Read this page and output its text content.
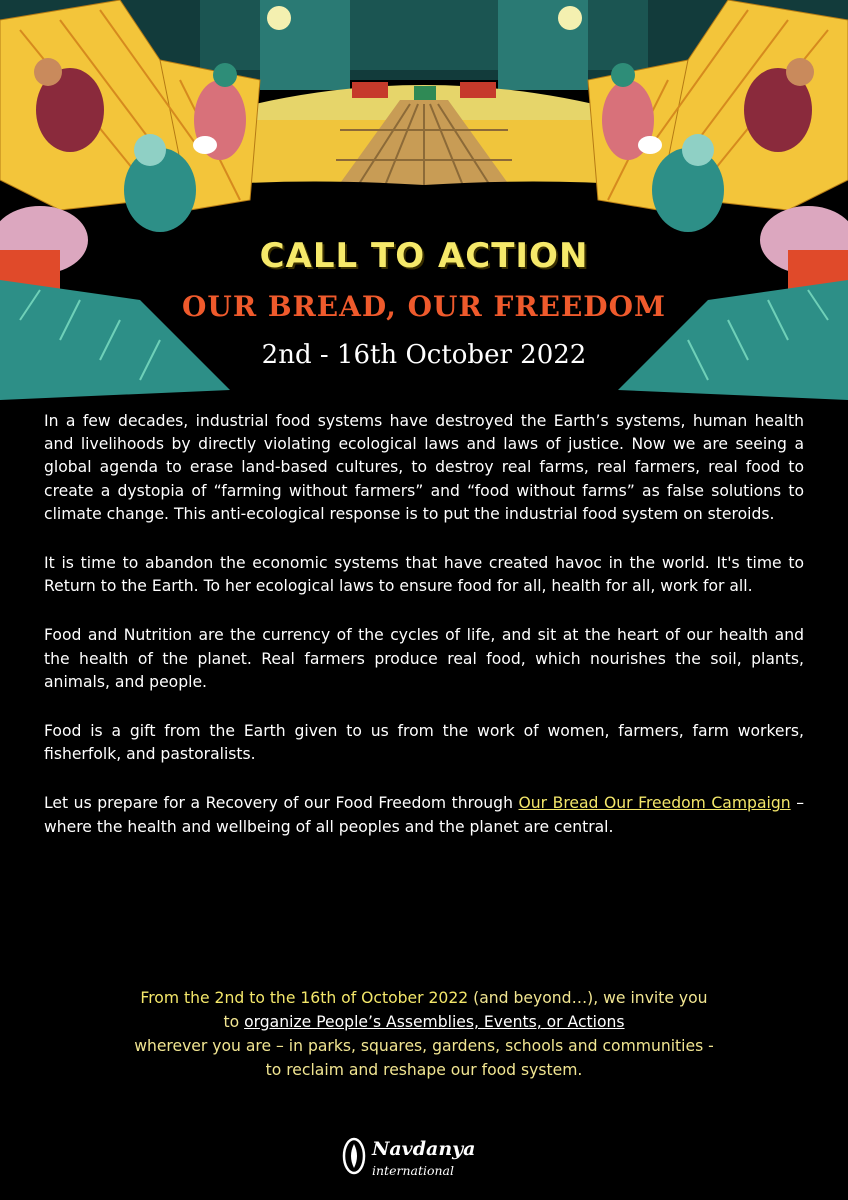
CALL TO ACTION
OUR BREAD, OUR FREEDOM
2nd - 16th October 2022

In a few decades, industrial food systems have destroyed the Earth’s systems, human health and livelihoods by directly violating ecological laws and laws of justice. Now we are seeing a global agenda to erase land-based cultures, to destroy real farms, real farmers, real food to create a dystopia of “farming without farmers” and “food without farms” as false solutions to climate change. This anti-ecological response is to put the industrial food system on steroids.

It is time to abandon the economic systems that have created havoc in the world. It's time to Return to the Earth. To her ecological laws to ensure food for all, health for all, work for all.

Food and Nutrition are the currency of the cycles of life, and sit at the heart of our health and the health of the planet. Real farmers produce real food, which nourishes the soil, plants, animals, and people.

Food is a gift from the Earth given to us from the work of women, farmers, farm workers, fisherfolk, and pastoralists.

Let us prepare for a Recovery of our Food Freedom through Our Bread Our Freedom Campaign – where the health and wellbeing of all peoples and the planet are central.

From the 2nd to the 16th of October 2022 (and beyond…), we invite you
to organize People’s Assemblies, Events, or Actions
wherever you are – in parks, squares, gardens, schools and communities -
to reclaim and reshape our food system.
Navdanya
international
